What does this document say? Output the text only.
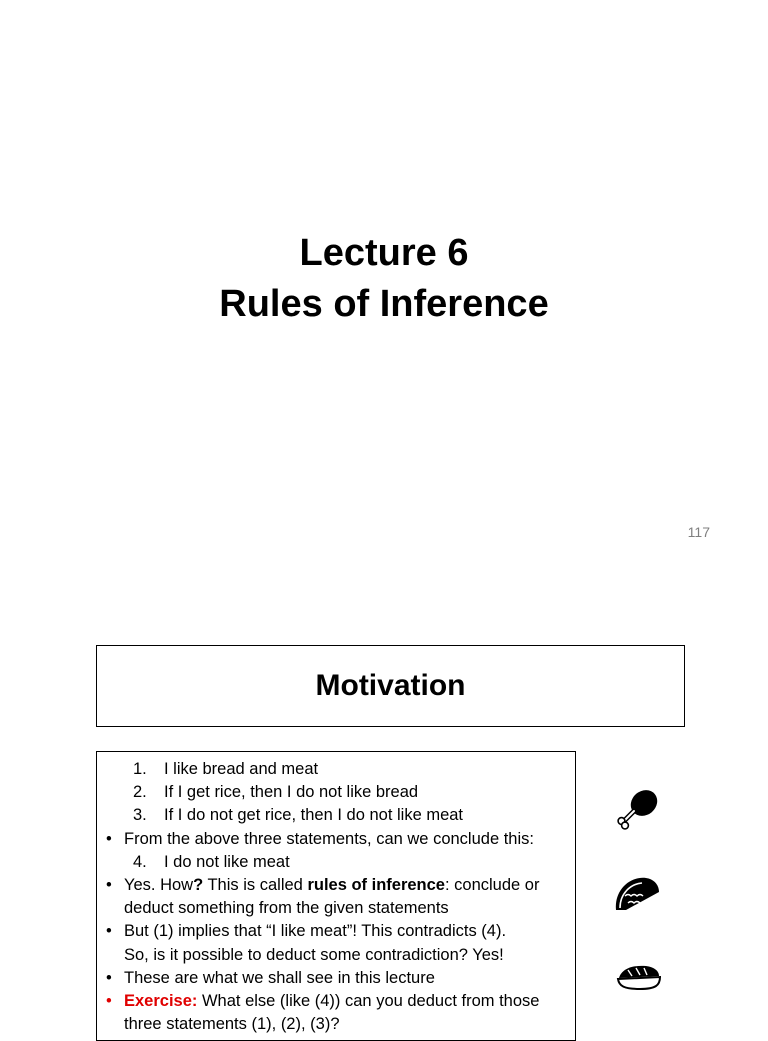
Lecture 6
Rules of Inference
117
Motivation
1. I like bread and meat
2. If I get rice, then I do not like bread
3. If I do not get rice, then I do not like meat
• From the above three statements, can we conclude this:
4. I do not like meat
• Yes. How? This is called rules of inference: conclude or
deduct something from the given statements
• But (1) implies that “I like meat”! This contradicts (4).
So, is it possible to deduct some contradiction? Yes!
• These are what we shall see in this lecture
• Exercise: What else (like (4)) can you deduct from those
three statements (1), (2), (3)?
